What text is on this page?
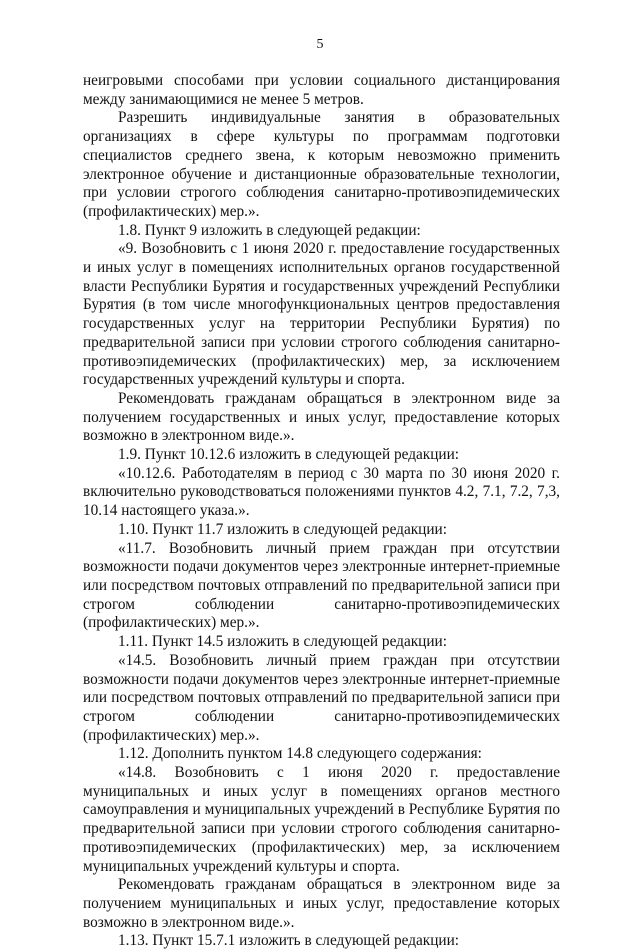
5

неигровыми способами при условии социального дистанцирования между занимающимися не менее 5 метров.

Разрешить индивидуальные занятия в образовательных организациях в сфере культуры по программам подготовки специалистов среднего звена, к которым невозможно применить электронное обучение и дистанционные образовательные технологии, при условии строгого соблюдения санитарно-противоэпидемических (профилактических) мер.».

1.8. Пункт 9 изложить в следующей редакции:

«9. Возобновить с 1 июня 2020 г. предоставление государственных и иных услуг в помещениях исполнительных органов государственной власти Республики Бурятия и государственных учреждений Республики Бурятия (в том числе многофункциональных центров предоставления государственных услуг на территории Республики Бурятия) по предварительной записи при условии строгого соблюдения санитарно-противоэпидемических (профилактических) мер, за исключением государственных учреждений культуры и спорта.

Рекомендовать гражданам обращаться в электронном виде за получением государственных и иных услуг, предоставление которых возможно в электронном виде.».

1.9. Пункт 10.12.6 изложить в следующей редакции:

«10.12.6. Работодателям в период с 30 марта по 30 июня 2020 г. включительно руководствоваться положениями пунктов 4.2, 7.1, 7.2, 7,3, 10.14 настоящего указа.».

1.10. Пункт 11.7 изложить в следующей редакции:

«11.7. Возобновить личный прием граждан при отсутствии возможности подачи документов через электронные интернет-приемные или посредством почтовых отправлений по предварительной записи при строгом соблюдении санитарно-противоэпидемических (профилактических) мер.».

1.11. Пункт 14.5 изложить в следующей редакции:

«14.5. Возобновить личный прием граждан при отсутствии возможности подачи документов через электронные интернет-приемные или посредством почтовых отправлений по предварительной записи при строгом соблюдении санитарно-противоэпидемических (профилактических) мер.».

1.12. Дополнить пунктом 14.8 следующего содержания:

«14.8. Возобновить с 1 июня 2020 г. предоставление муниципальных и иных услуг в помещениях органов местного самоуправления и муниципальных учреждений в Республике Бурятия по предварительной записи при условии строгого соблюдения санитарно-противоэпидемических (профилактических) мер, за исключением муниципальных учреждений культуры и спорта.

Рекомендовать гражданам обращаться в электронном виде за получением муниципальных и иных услуг, предоставление которых возможно в электронном виде.».

1.13. Пункт 15.7.1 изложить в следующей редакции:
